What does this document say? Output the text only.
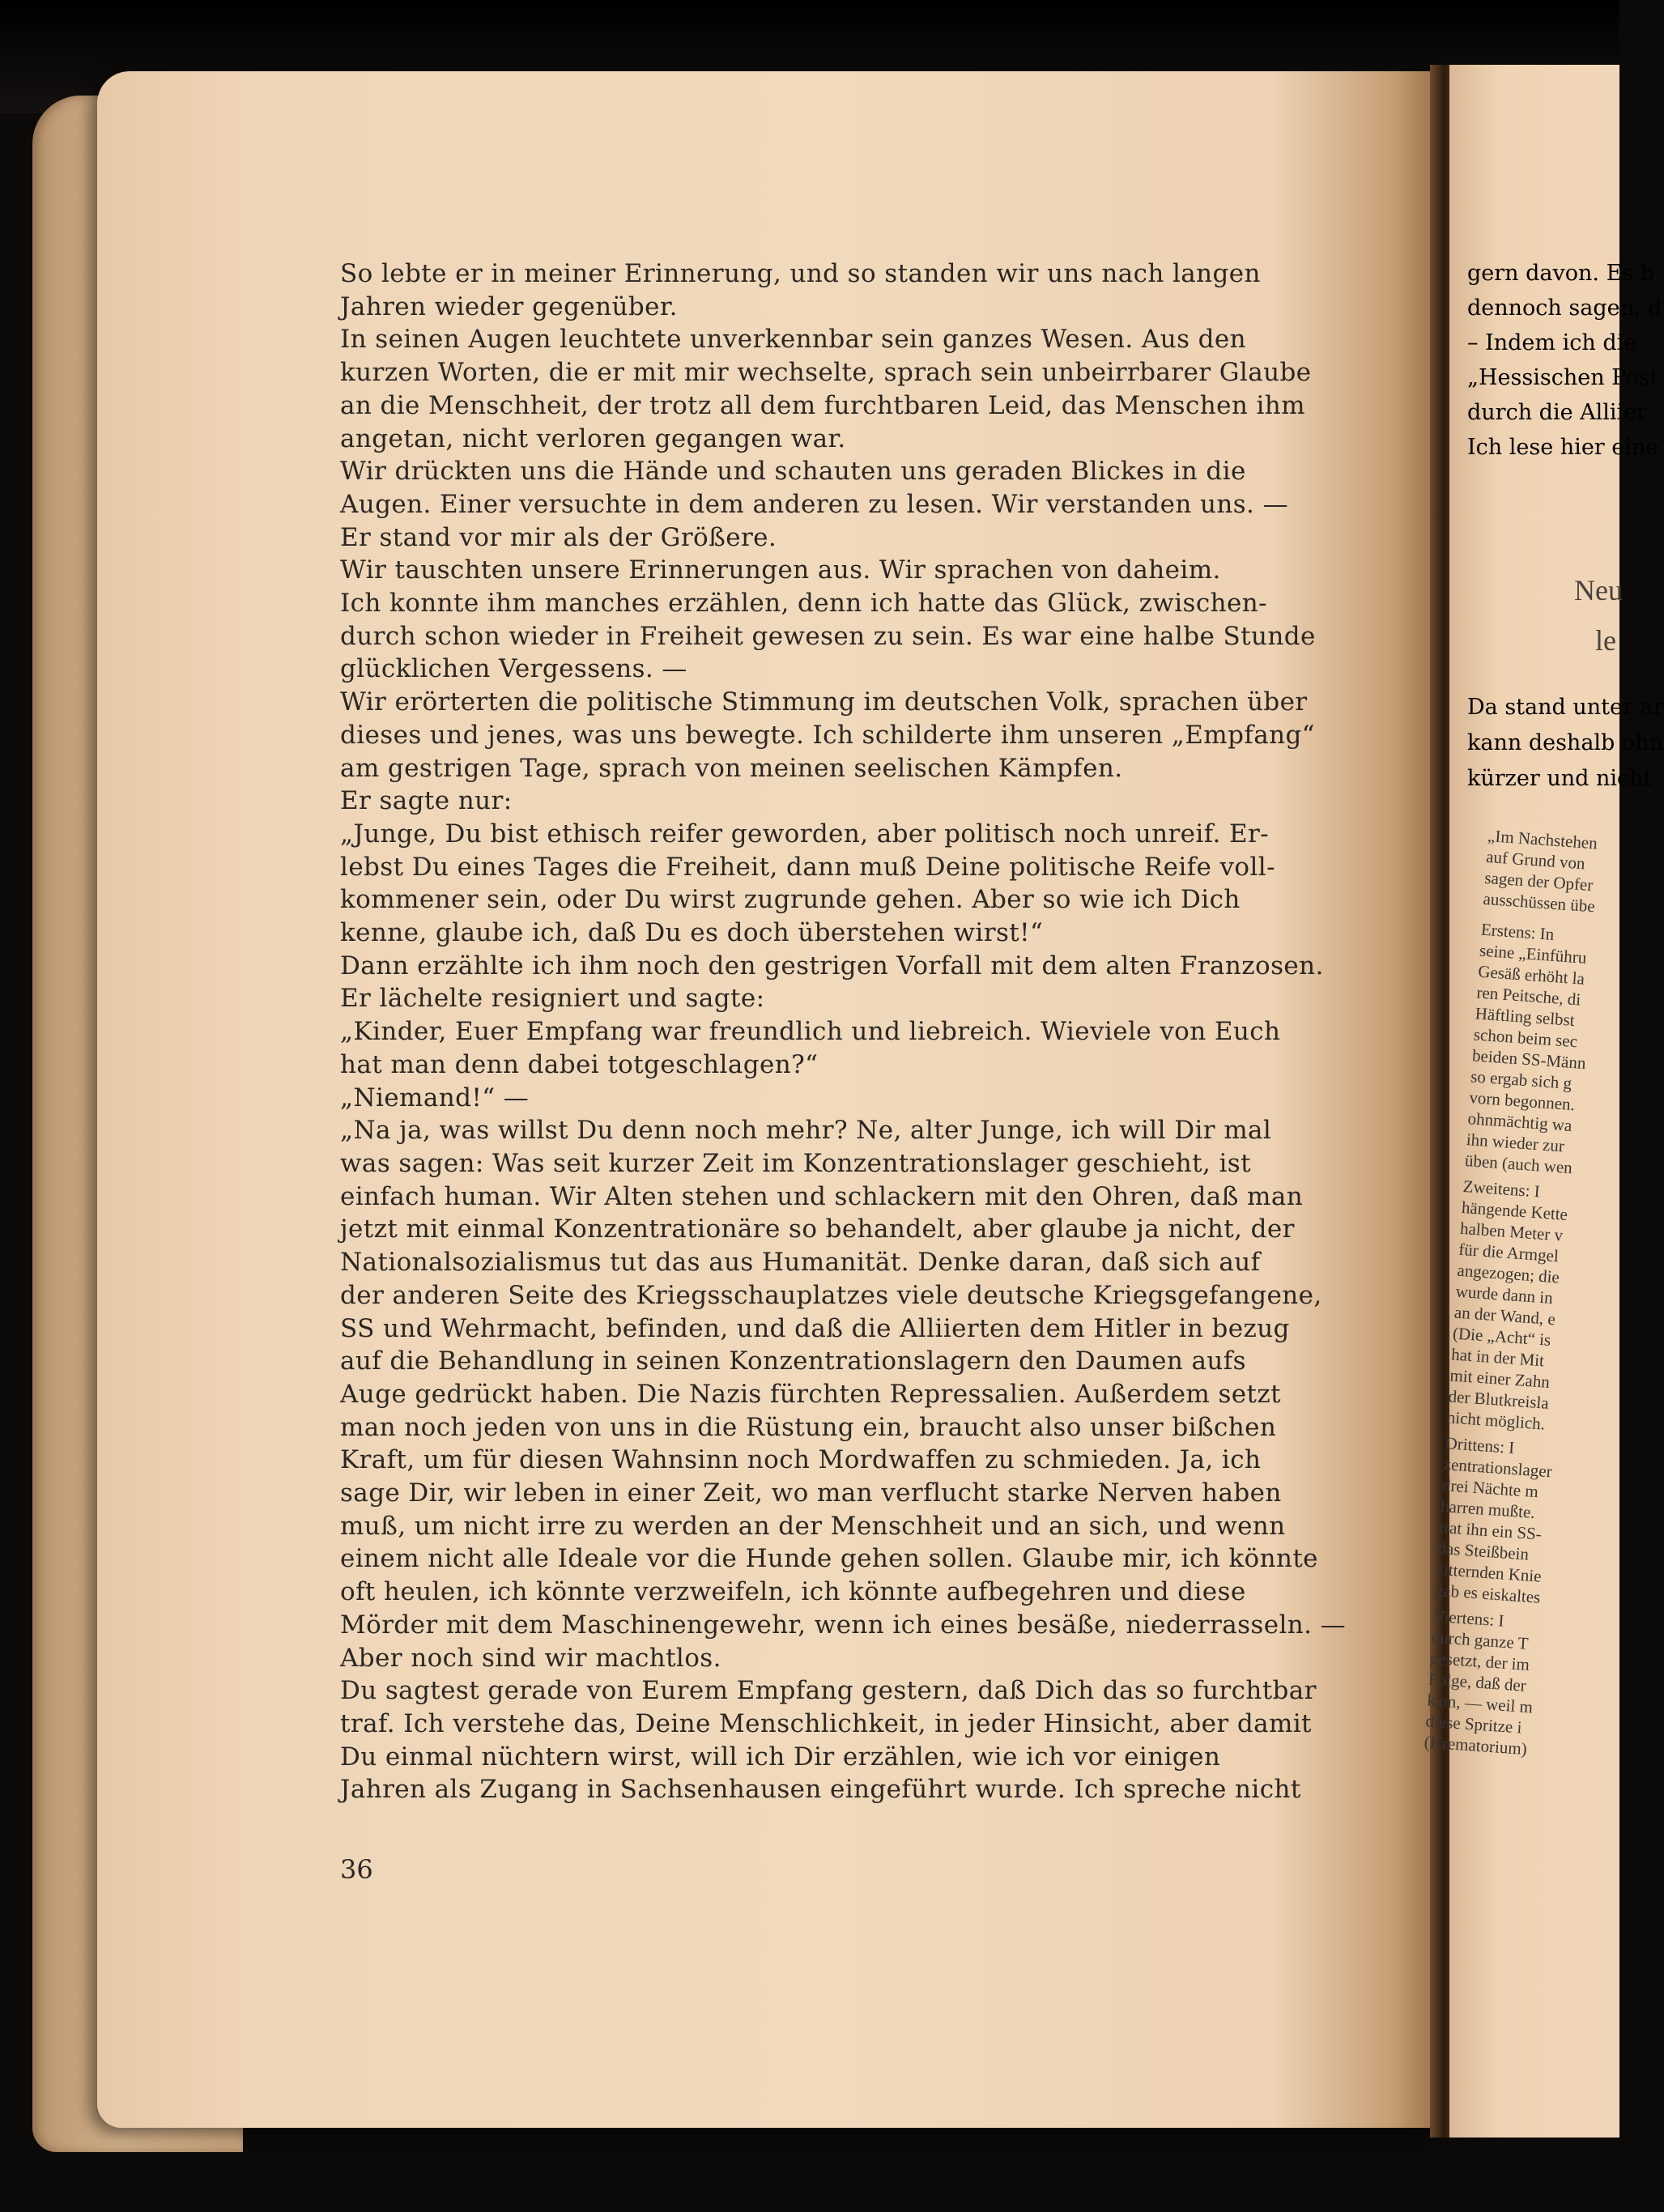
So lebte er in meiner Erinnerung, und so standen wir uns nach langen
Jahren wieder gegenüber.
In seinen Augen leuchtete unverkennbar sein ganzes Wesen. Aus den
kurzen Worten, die er mit mir wechselte, sprach sein unbeirrbarer Glaube
an die Menschheit, der trotz all dem furchtbaren Leid, das Menschen ihm
angetan, nicht verloren gegangen war.
Wir drückten uns die Hände und schauten uns geraden Blickes in die
Augen. Einer versuchte in dem anderen zu lesen. Wir verstanden uns. —
Er stand vor mir als der Größere.
Wir tauschten unsere Erinnerungen aus. Wir sprachen von daheim.
Ich konnte ihm manches erzählen, denn ich hatte das Glück, zwischen-
durch schon wieder in Freiheit gewesen zu sein. Es war eine halbe Stunde
glücklichen Vergessens. —
Wir erörterten die politische Stimmung im deutschen Volk, sprachen über
dieses und jenes, was uns bewegte. Ich schilderte ihm unseren „Empfang“
am gestrigen Tage, sprach von meinen seelischen Kämpfen.
Er sagte nur:
„Junge, Du bist ethisch reifer geworden, aber politisch noch unreif. Er-
lebst Du eines Tages die Freiheit, dann muß Deine politische Reife voll-
kommener sein, oder Du wirst zugrunde gehen. Aber so wie ich Dich
kenne, glaube ich, daß Du es doch überstehen wirst!“
Dann erzählte ich ihm noch den gestrigen Vorfall mit dem alten Franzosen.
Er lächelte resigniert und sagte:
„Kinder, Euer Empfang war freundlich und liebreich. Wieviele von Euch
hat man denn dabei totgeschlagen?“
„Niemand!“ —
„Na ja, was willst Du denn noch mehr? Ne, alter Junge, ich will Dir mal
was sagen: Was seit kurzer Zeit im Konzentrationslager geschieht, ist
einfach human. Wir Alten stehen und schlackern mit den Ohren, daß man
jetzt mit einmal Konzentrationäre so behandelt, aber glaube ja nicht, der
Nationalsozialismus tut das aus Humanität. Denke daran, daß sich auf
der anderen Seite des Kriegsschauplatzes viele deutsche Kriegsgefangene,
SS und Wehrmacht, befinden, und daß die Alliierten dem Hitler in bezug
auf die Behandlung in seinen Konzentrationslagern den Daumen aufs
Auge gedrückt haben. Die Nazis fürchten Repressalien. Außerdem setzt
man noch jeden von uns in die Rüstung ein, braucht also unser bißchen
Kraft, um für diesen Wahnsinn noch Mordwaffen zu schmieden. Ja, ich
sage Dir, wir leben in einer Zeit, wo man verflucht starke Nerven haben
muß, um nicht irre zu werden an der Menschheit und an sich, und wenn
einem nicht alle Ideale vor die Hunde gehen sollen. Glaube mir, ich könnte
oft heulen, ich könnte verzweifeln, ich könnte aufbegehren und diese
Mörder mit dem Maschinengewehr, wenn ich eines besäße, niederrasseln. —
Aber noch sind wir machtlos.
Du sagtest gerade von Eurem Empfang gestern, daß Dich das so furchtbar
traf. Ich verstehe das, Deine Menschlichkeit, in jeder Hinsicht, aber damit
Du einmal nüchtern wirst, will ich Dir erzählen, wie ich vor einigen
Jahren als Zugang in Sachsenhausen eingeführt wurde. Ich spreche nicht
36
gern davon. Es b
dennoch sagen, d
– Indem ich die
„Hessischen Post
durch die Alliier
Ich lese hier eine
Neu
le
Da stand unter ar
kann deshalb ohn
kürzer und nicht
„Im Nachstehen
auf Grund von
sagen der Opfer
ausschüssen übe
Erstens: In
seine „Einführu
Gesäß erhöht la
ren Peitsche, di
Häftling selbst
schon beim sec
beiden SS-Männ
so ergab sich g
vorn begonnen.
ohnmächtig wa
ihn wieder zur
üben (auch wen
Zweitens: I
hängende Kette
halben Meter v
für die Armgel
angezogen; die
wurde dann in
an der Wand, e
(Die „Acht“ is
hat in der Mit
mit einer Zahn
der Blutkreisla
nicht möglich.
Drittens: I
zentrationslager
drei Nächte m
harren mußte.
trat ihn ein SS-
das Steißbein
zitternden Knie
gab es eiskaltes
Viertens: I
durch ganze T
gesetzt, der im
Folge, daß der
kam, — weil m
diese Spritze i
(Krematorium)
